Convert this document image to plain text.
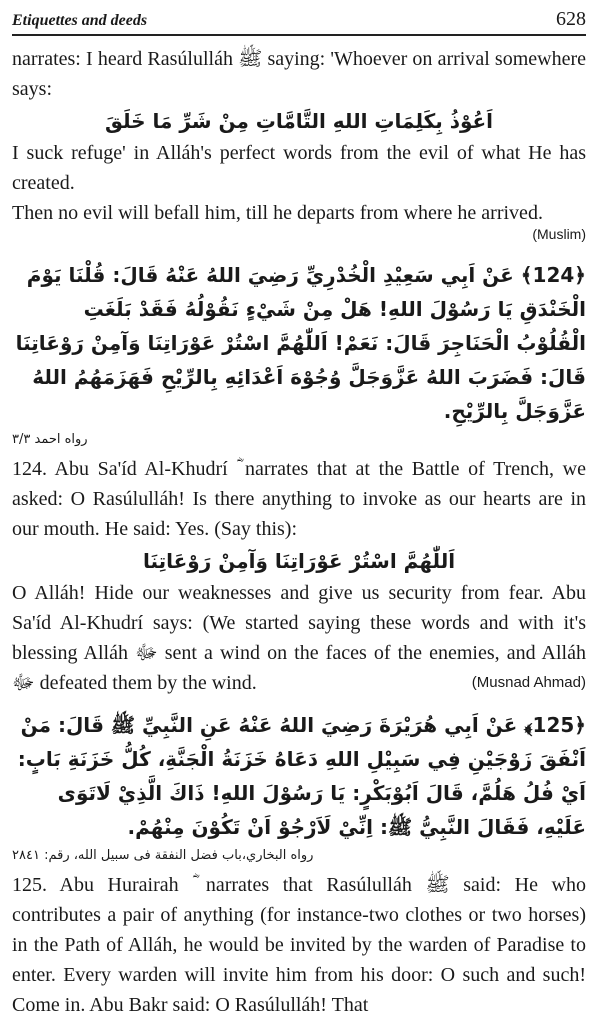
Etiquettes and deeds	628

narrates: I heard Rasúlulláh ﷺ saying: 'Whoever on arrival somewhere says:

اَعُوْذُ بِكَلِمَاتِ اللهِ التَّامَّاتِ مِنْ شَرِّ مَا خَلَقَ

I suck refuge' in Alláh's perfect words from the evil of what He has created.

Then no evil will befall him, till he departs from where he arrived.

(Muslim)

﴿124﴾ عَنْ اَبِي سَعِيْدِ الْخُدْرِيِّ رَضِيَ اللهُ عَنْهُ قَالَ: قُلْنَا يَوْمَ الْخَنْدَقِ يَا رَسُوْلَ اللهِ! هَلْ مِنْ شَيْءٍ نَقُوْلُهُ فَقَدْ بَلَغَتِ الْقُلُوْبُ الْحَنَاجِرَ قَالَ: نَعَمْ! اَللّٰهُمَّ اسْتُرْ عَوْرَاتِنَا وَآمِنْ رَوْعَاتِنَا قَالَ: فَضَرَبَ اللهُ عَزَّوَجَلَّ وُجُوْهَ اَعْدَائِهِ بِالرِّيْحِ فَهَزَمَهُمُ اللهُ عَزَّوَجَلَّ بِالرِّيْحِ.

رواه احمد ٣/٣

124. Abu Sa'íd Al-Khudrí ؓ narrates that at the Battle of Trench, we asked: O Rasúlulláh! Is there anything to invoke as our hearts are in our mouth. He said: Yes. (Say this):

اَللّٰهُمَّ اسْتُرْ عَوْرَاتِنَا وَآمِنْ رَوْعَاتِنَا

O Alláh! Hide our weaknesses and give us security from fear. Abu Sa'íd Al-Khudrí says: (We started saying these words and with it's blessing Alláh ﷻ sent a wind on the faces of the enemies, and Alláh ﷻ defeated them by the wind.	(Musnad Ahmad)

﴿125﴾ عَنْ اَبِي هُرَيْرَةَ رَضِيَ اللهُ عَنْهُ عَنِ النَّبِيِّ ﷺ قَالَ: مَنْ اَنْفَقَ زَوْجَيْنِ فِي سَبِيْلِ اللهِ دَعَاهُ خَزَنَةُ الْجَنَّةِ، كُلُّ خَزَنَةِ بَابٍ: اَيْ فُلُ هَلُمَّ، قَالَ اَبُوْبَكْرٍ: يَا رَسُوْلَ اللهِ! ذَاكَ الَّذِيْ لَاتَوَى عَلَيْهِ، فَقَالَ النَّبِيُّ ﷺ: اِنِّيْ لَاَرْجُوْ اَنْ تَكُوْنَ مِنْهُمْ.

رواه البخاري،باب فضل النفقة فى سبيل الله، رقم: ٢٨٤١

125. Abu Hurairah ؓ narrates that Rasúlulláh ﷺ said: He who contributes a pair of anything (for instance-two clothes or two horses) in the Path of Alláh, he would be invited by the warden of Paradise to enter. Every warden will invite him from his door: O such and such! Come in. Abu Bakr said: O Rasúlulláh! That
